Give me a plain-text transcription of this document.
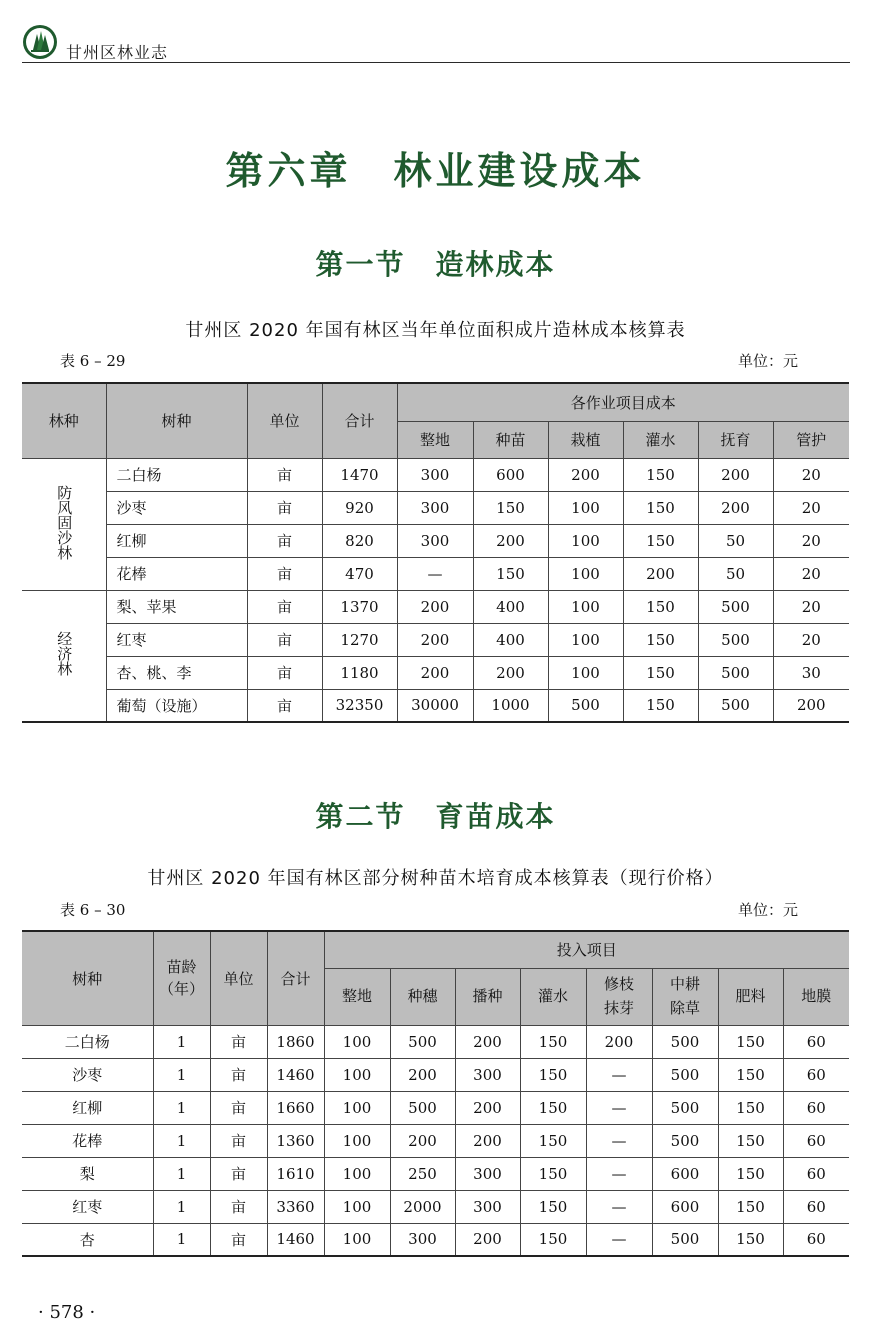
甘州区林业志
第六章　林业建设成本
第一节　造林成本
甘州区 2020 年国有林区当年单位面积成片造林成本核算表
表 6 – 29	单位：元
林种	树种	单位	合计	各作业项目成本					
				整地	种苗	栽植	灌水	抚育	管护
防风固沙林	二白杨	亩	1470	300	600	200	150	200	20
	沙枣	亩	920	300	150	100	150	200	20
	红柳	亩	820	300	200	100	150	50	20
	花棒	亩	470	—	150	100	200	50	20
经济林	梨、苹果	亩	1370	200	400	100	150	500	20
	红枣	亩	1270	200	400	100	150	500	20
	杏、桃、李	亩	1180	200	200	100	150	500	30
	葡萄（设施）	亩	32350	30000	1000	500	150	500	200
第二节　育苗成本
甘州区 2020 年国有林区部分树种苗木培育成本核算表（现行价格）
表 6 – 30	单位：元
树种	苗龄
（年）	单位	合计	投入项目							
				整地	种穗	播种	灌水	修枝
抹芽	中耕
除草	肥料	地膜
二白杨	1	亩	1860	100	500	200	150	200	500	150	60
沙枣	1	亩	1460	100	200	300	150	—	500	150	60
红柳	1	亩	1660	100	500	200	150	—	500	150	60
花棒	1	亩	1360	100	200	200	150	—	500	150	60
梨	1	亩	1610	100	250	300	150	—	600	150	60
红枣	1	亩	3360	100	2000	300	150	—	600	150	60
杏	1	亩	1460	100	300	200	150	—	500	150	60
· 578 ·
